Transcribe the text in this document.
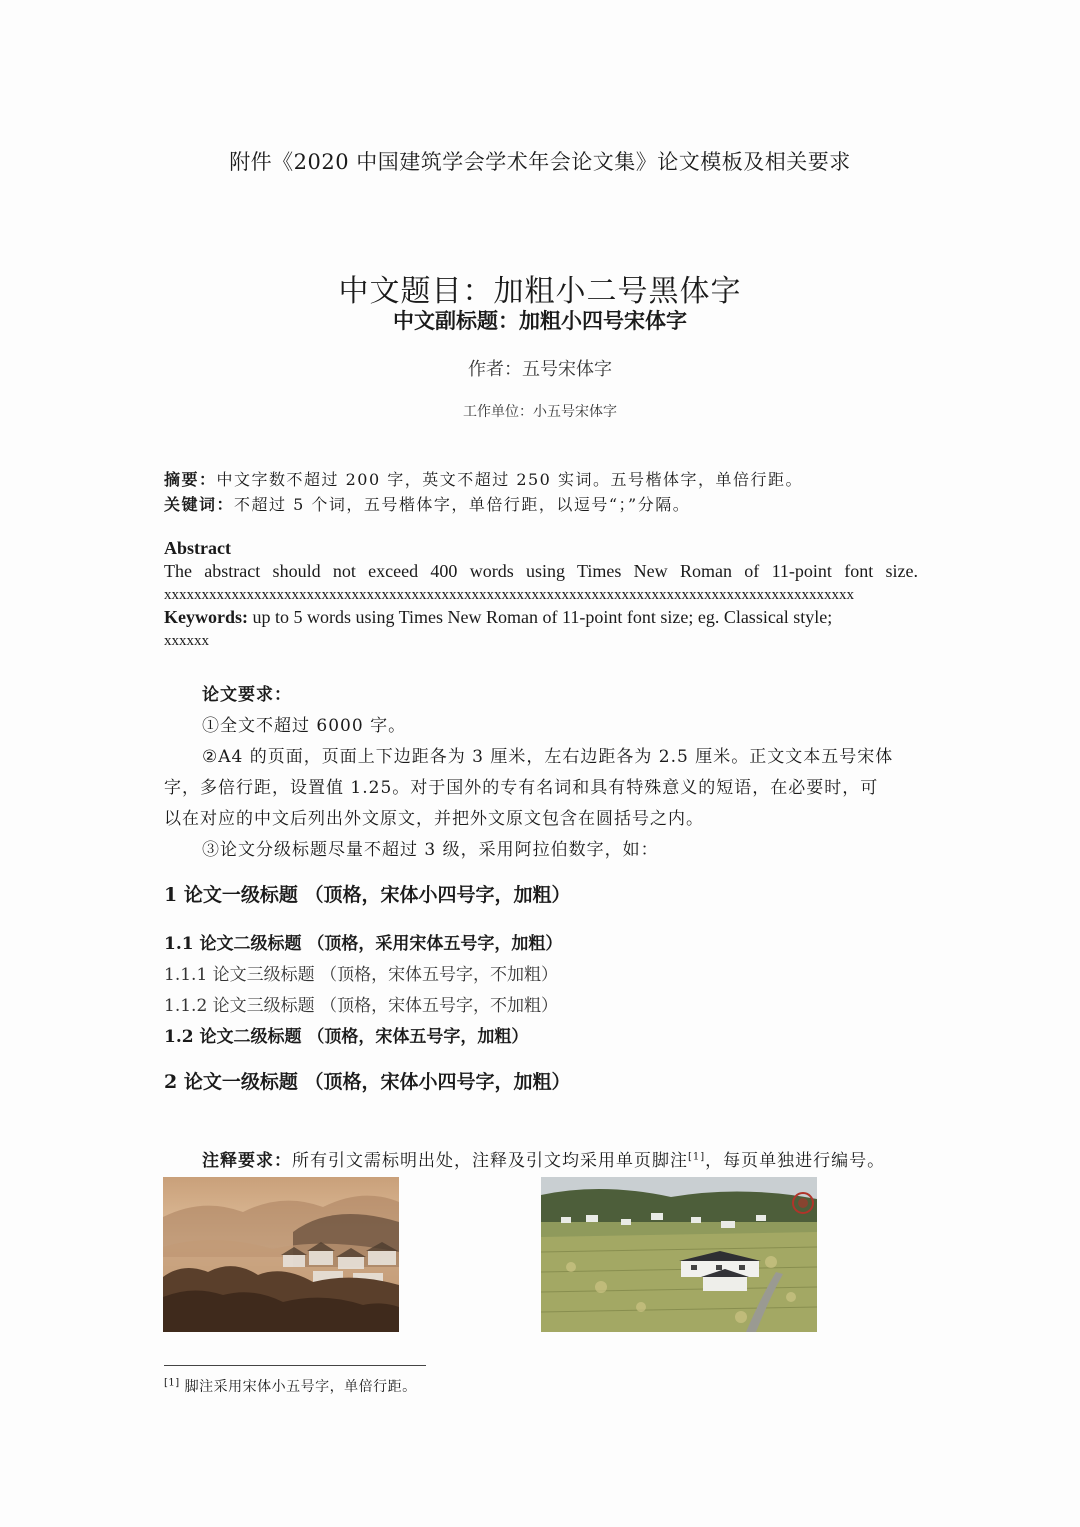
附件《2020 中国建筑学会学术年会论文集》论文模板及相关要求
中文题目：加粗小二号黑体字
中文副标题：加粗小四号宋体字
作者：五号宋体字
工作单位：小五号宋体字
摘要：中文字数不超过 200 字，英文不超过 250 实词。五号楷体字，单倍行距。
关键词：不超过 5 个词，五号楷体字，单倍行距，以逗号“；”分隔。
Abstract
The abstract should not exceed 400 words using Times New Roman of 11-point font size.
xxxxxxxxxxxxxxxxxxxxxxxxxxxxxxxxxxxxxxxxxxxxxxxxxxxxxxxxxxxxxxxxxxxxxxxxxxxxxxxxxxxxxxxxxxxx
Keywords: up to 5 words using Times New Roman of 11-point font size; eg. Classical style;
xxxxxx
论文要求：
①全文不超过 6000 字。
②A4 的页面，页面上下边距各为 3 厘米，左右边距各为 2.5 厘米。正文文本五号宋体
字，多倍行距，设置值 1.25。对于国外的专有名词和具有特殊意义的短语，在必要时，可
以在对应的中文后列出外文原文，并把外文原文包含在圆括号之内。
③论文分级标题尽量不超过 3 级，采用阿拉伯数字，如：
1 论文一级标题 （顶格，宋体小四号字，加粗）
1.1 论文二级标题 （顶格，采用宋体五号字，加粗）
1.1.1 论文三级标题 （顶格，宋体五号字，不加粗）
1.1.2 论文三级标题 （顶格，宋体五号字，不加粗）
1.2 论文二级标题 （顶格，宋体五号字，加粗）
2 论文一级标题 （顶格，宋体小四号字，加粗）
注释要求：所有引文需标明出处，注释及引文均采用单页脚注[1]，每页单独进行编号。
[1] 脚注采用宋体小五号字，单倍行距。
